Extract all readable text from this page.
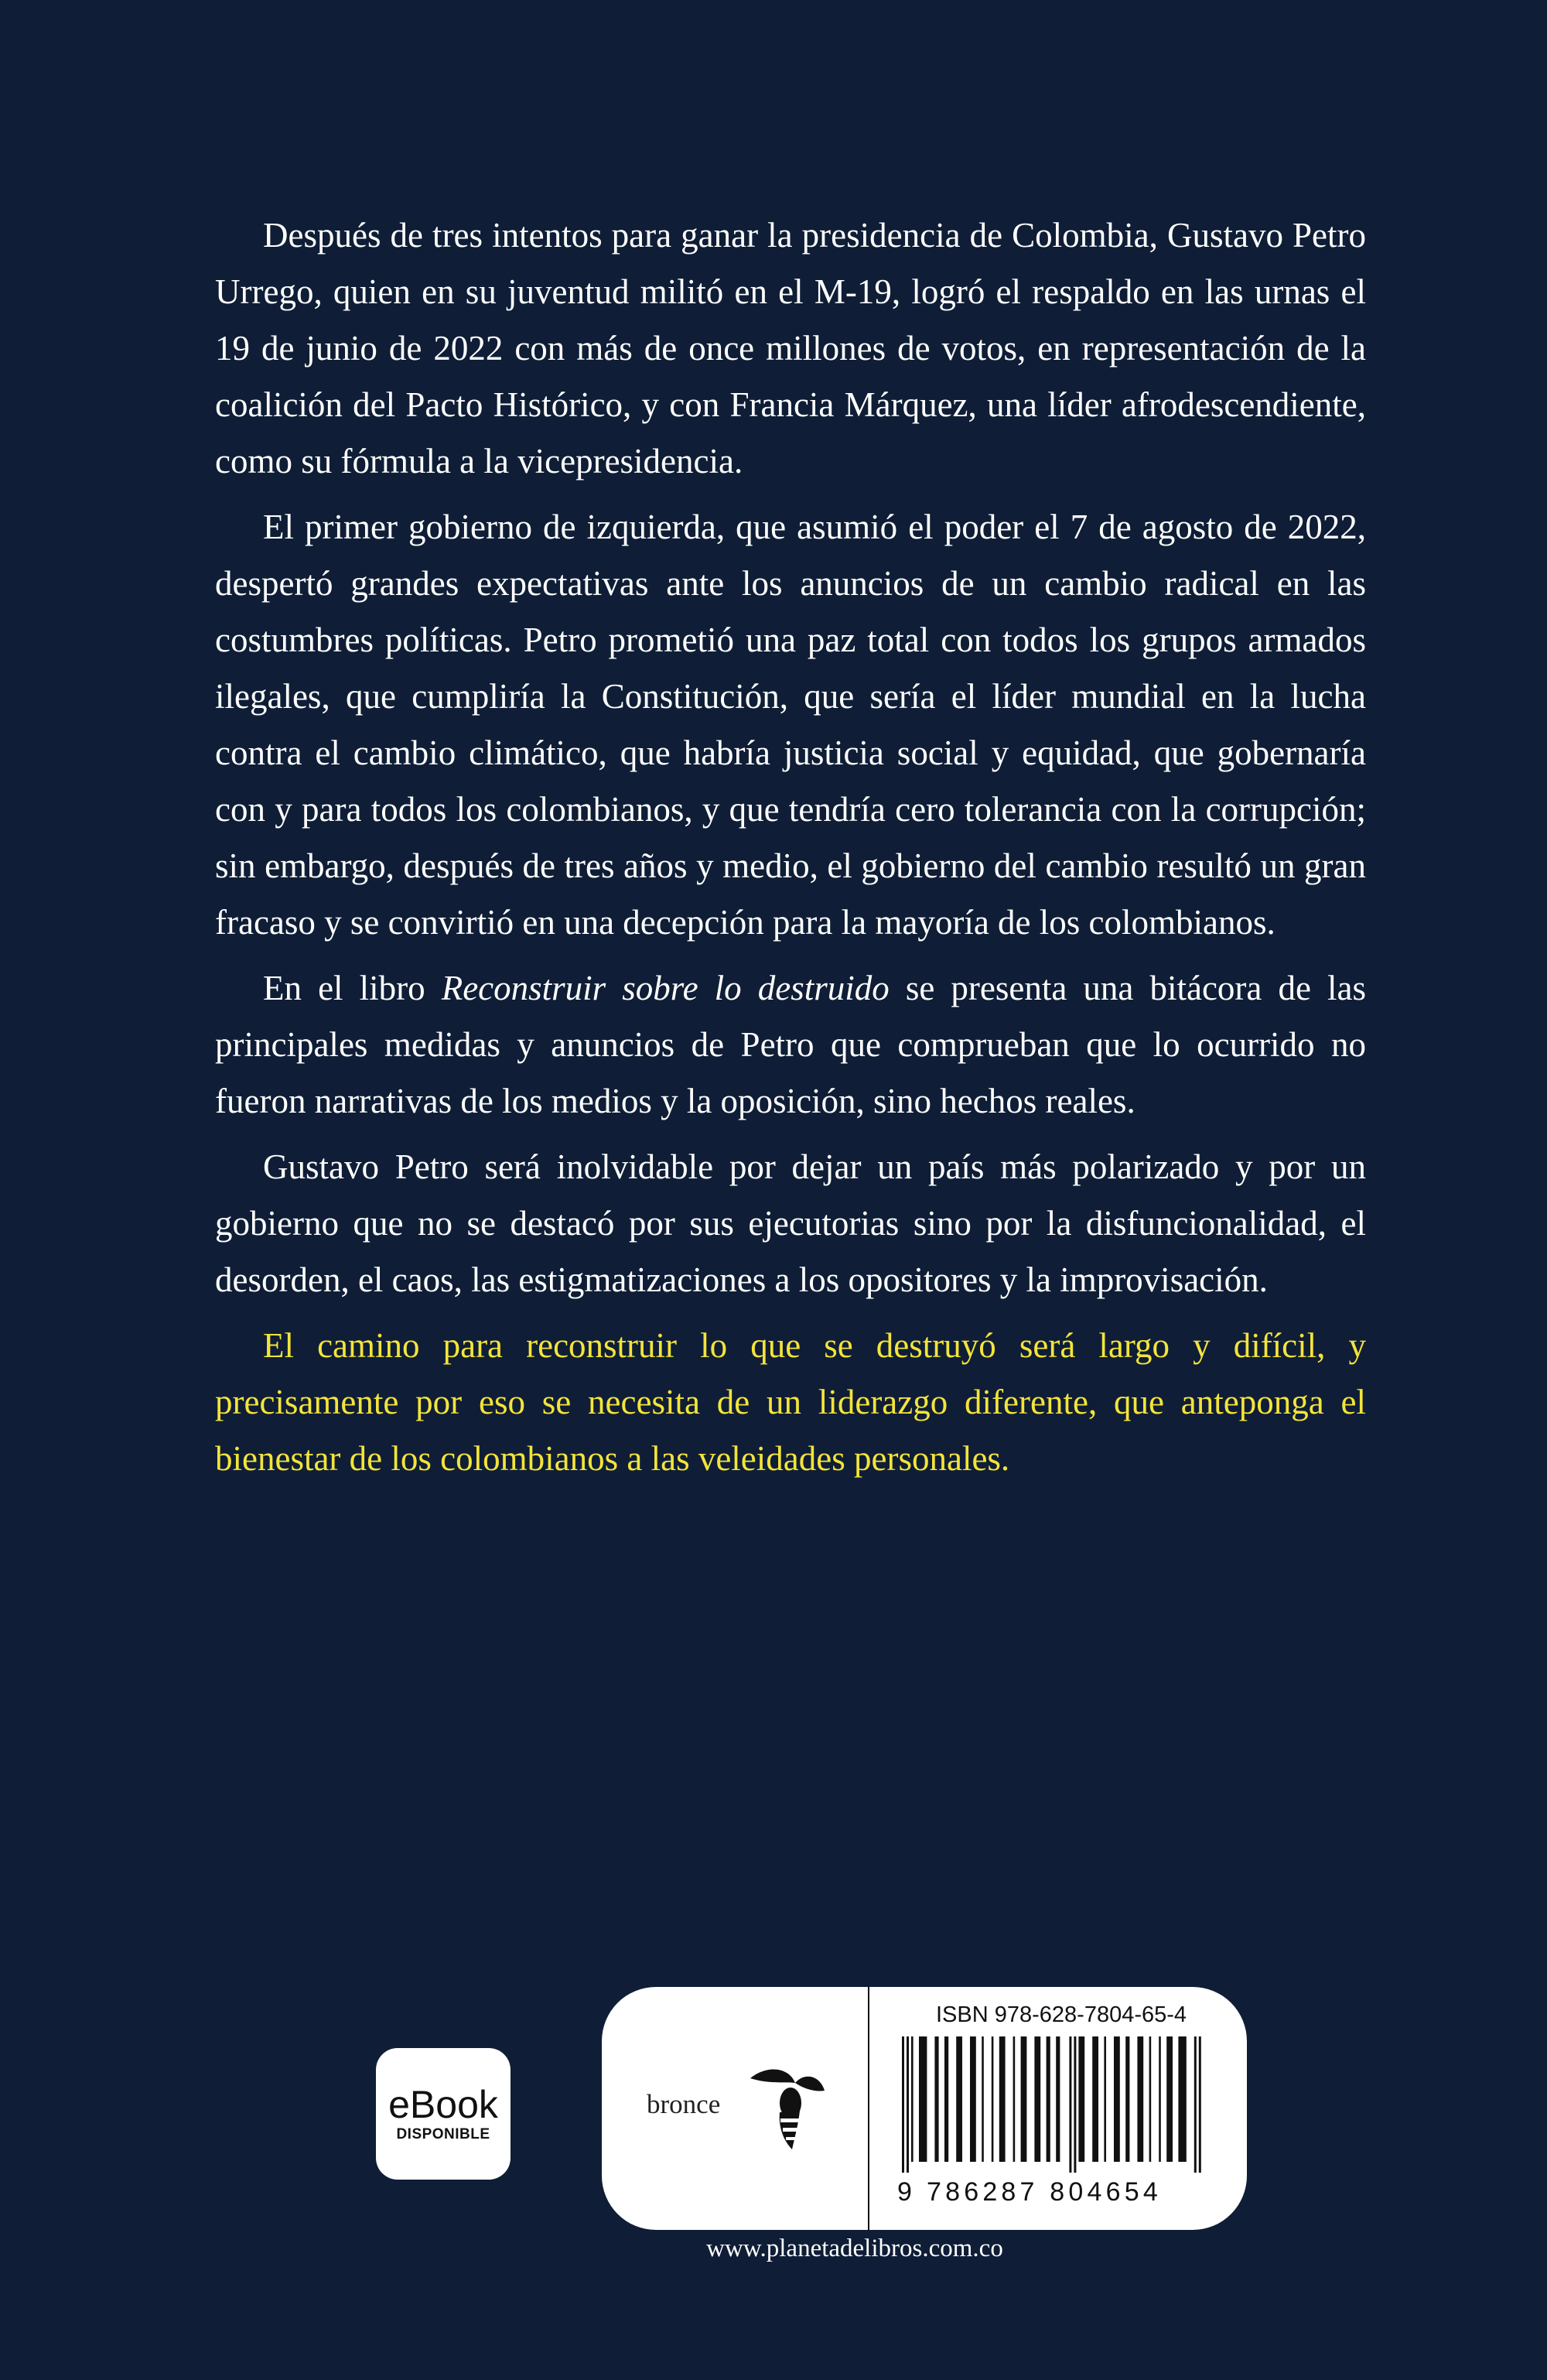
Después de tres intentos para ganar la presidencia de Colombia, Gustavo Petro Urrego, quien en su juventud militó en el M-19, logró el respaldo en las urnas el 19 de junio de 2022 con más de once millones de votos, en representación de la coalición del Pacto Histórico, y con Francia Márquez, una líder afrodescendiente, como su fórmula a la vicepresidencia.

El primer gobierno de izquierda, que asumió el poder el 7 de agosto de 2022, despertó grandes expectativas ante los anuncios de un cambio radical en las costumbres políticas. Petro prometió una paz total con todos los grupos armados ilegales, que cumpliría la Constitución, que sería el líder mundial en la lucha contra el cambio climático, que habría justicia social y equidad, que gobernaría con y para todos los colombianos, y que tendría cero tolerancia con la corrupción; sin embargo, después de tres años y medio, el gobierno del cambio resultó un gran fracaso y se convirtió en una decepción para la mayoría de los colombianos.

En el libro Reconstruir sobre lo destruido se presenta una bitácora de las principales medidas y anuncios de Petro que comprueban que lo ocurrido no fueron narrativas de los medios y la oposición, sino hechos reales.

Gustavo Petro será inolvidable por dejar un país más polarizado y por un gobierno que no se destacó por sus ejecutorias sino por la disfuncionalidad, el desorden, el caos, las estigmatizaciones a los opositores y la improvisación.

El camino para reconstruir lo que se destruyó será largo y difícil, y precisamente por eso se necesita de un liderazgo diferente, que anteponga el bienestar de los colombianos a las veleidades personales.

eBook
DISPONIBLE
bronce
ISBN 978-628-7804-65-4
9 786287 804654
www.planetadelibros.com.co
